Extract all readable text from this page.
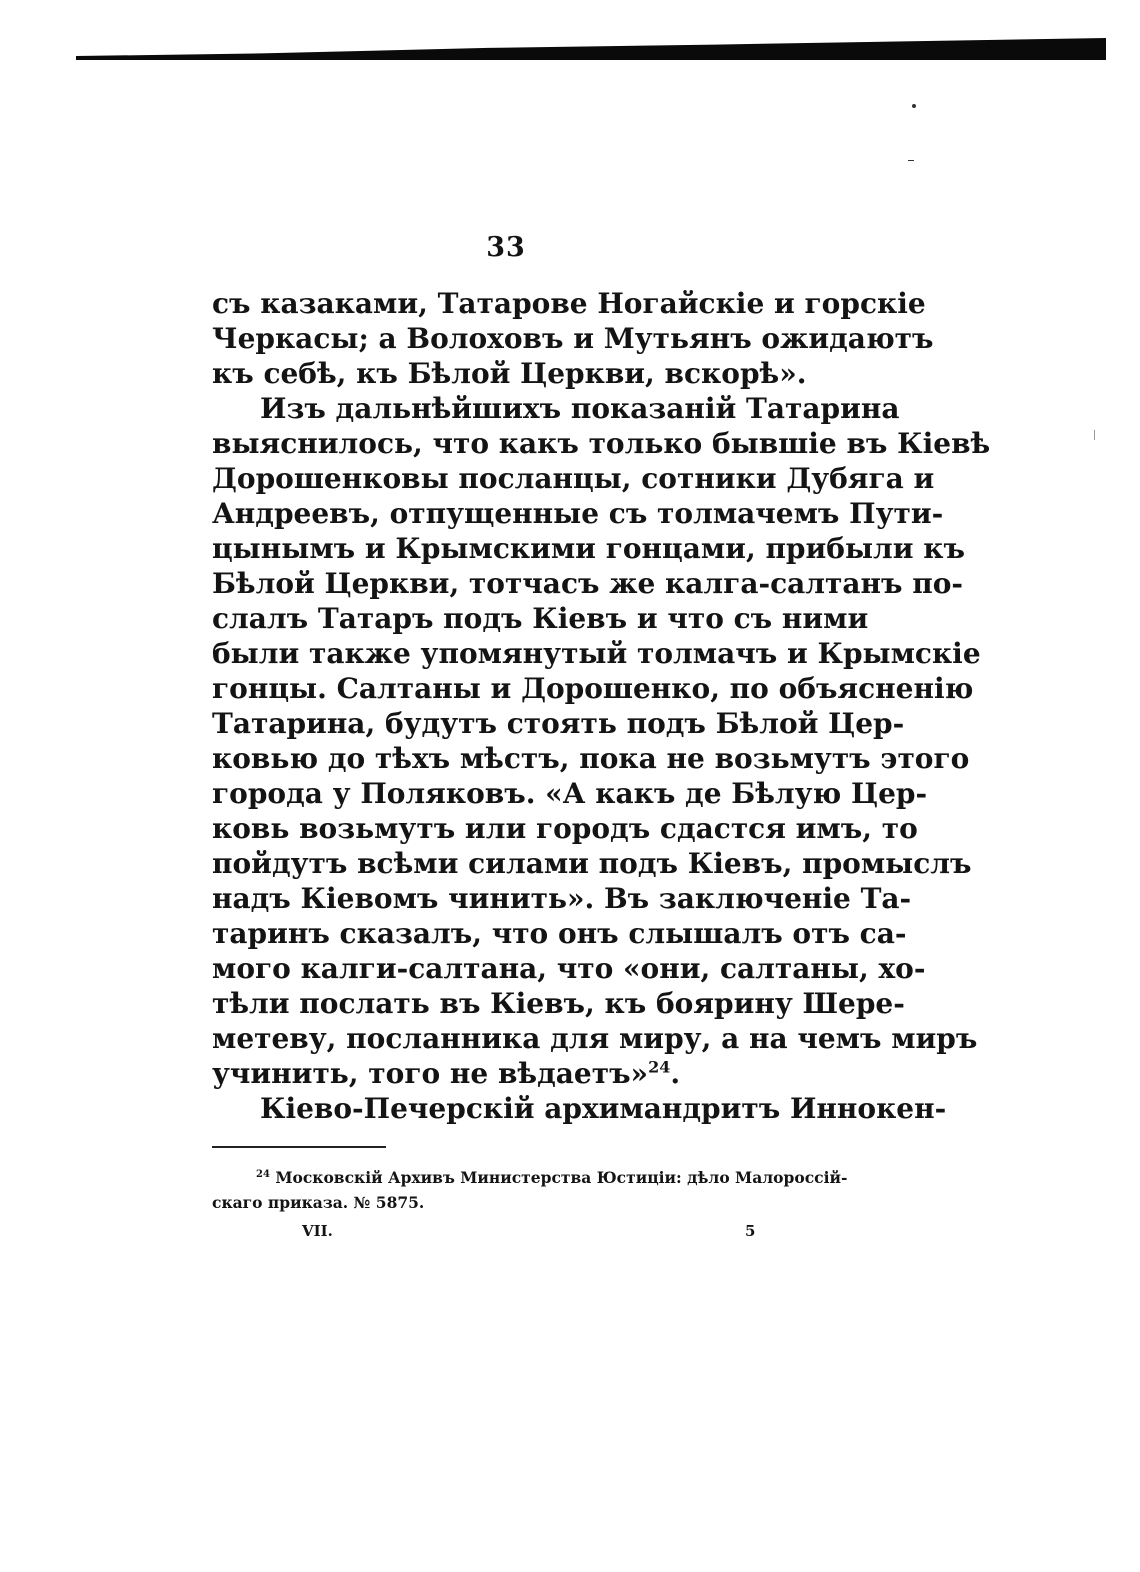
33
съ казаками, Татарове Ногайскіе и горскіе
Черкасы; а Волоховъ и Мутьянъ ожидаютъ
къ себѣ, къ Бѣлой Церкви, вскорѣ».
Изъ дальнѣйшихъ показаній Татарина
выяснилось, что какъ только бывшіе въ Кіевѣ
Дорошенковы посланцы, сотники Дубяга и
Андреевъ, отпущенные съ толмачемъ Пути-
цынымъ и Крымскими гонцами, прибыли къ
Бѣлой Церкви, тотчасъ же калга-салтанъ по-
слалъ Татаръ подъ Кіевъ и что съ ними
были также упомянутый толмачъ и Крымскіе
гонцы. Салтаны и Дорошенко, по объясненію
Татарина, будутъ стоять подъ Бѣлой Цер-
ковью до тѣхъ мѣстъ, пока не возьмутъ этого
города у Поляковъ. «А какъ де Бѣлую Цер-
ковь возьмутъ или городъ сдастся имъ, то
пойдутъ всѣми силами подъ Кіевъ, промыслъ
надъ Кіевомъ чинить». Въ заключеніе Та-
таринъ сказалъ, что онъ слышалъ отъ са-
мого калги-салтана, что «они, салтаны, хо-
тѣли послать въ Кіевъ, къ боярину Шере-
метеву, посланника для миру, а на чемъ миръ
учинить, того не вѣдаетъ»$^{24}$.
Кіево-Печерскій архимандритъ Иннокен-
$^{24}$ Московскій Архивъ Министерства Юстиціи: дѣло Малороссій-
скаго приказа. № 5875.
VII.	5
